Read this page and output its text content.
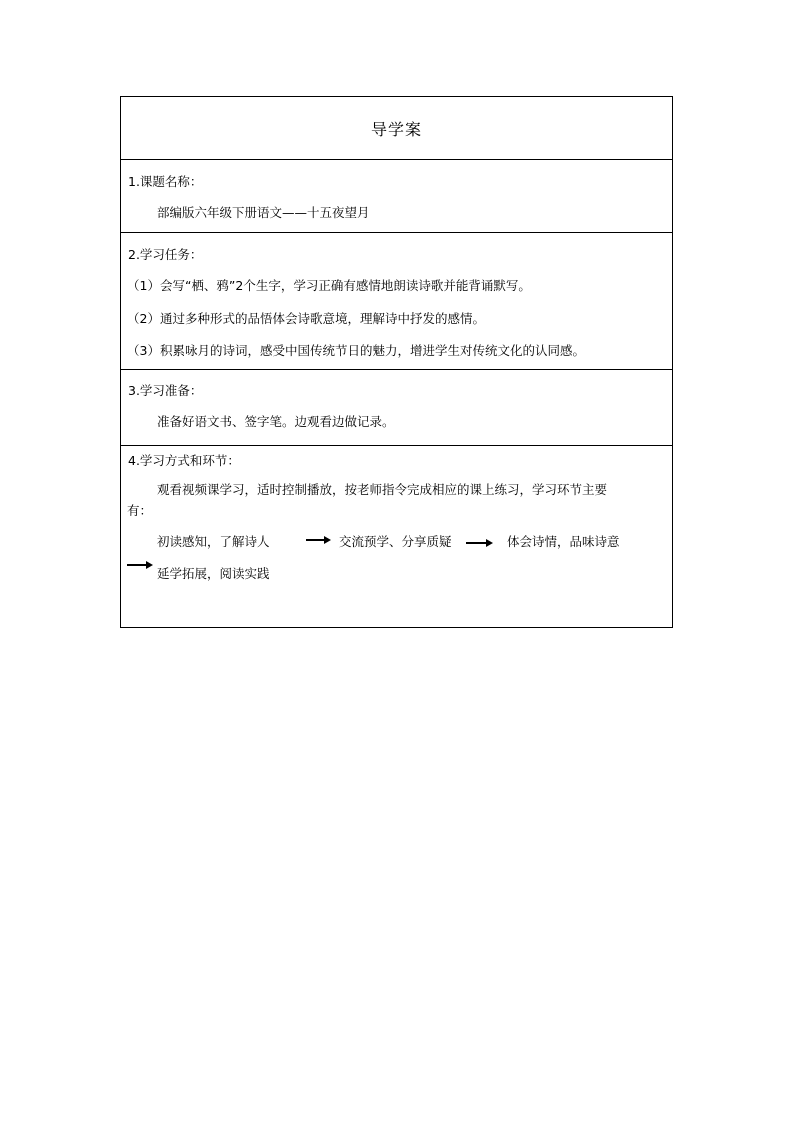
导学案
1.课题名称：
部编版六年级下册语文——十五夜望月
2.学习任务：
（1）会写“栖、鸦”2个生字，学习正确有感情地朗读诗歌并能背诵默写。
（2）通过多种形式的品悟体会诗歌意境，理解诗中抒发的感情。
（3）积累咏月的诗词，感受中国传统节日的魅力，增进学生对传统文化的认同感。
3.学习准备：
准备好语文书、签字笔。边观看边做记录。
4.学习方式和环节：
观看视频课学习，适时控制播放，按老师指令完成相应的课上练习，学习环节主要
有：
初读感知，了解诗人	交流预学、分享质疑	体会诗情，品味诗意
延学拓展，阅读实践
